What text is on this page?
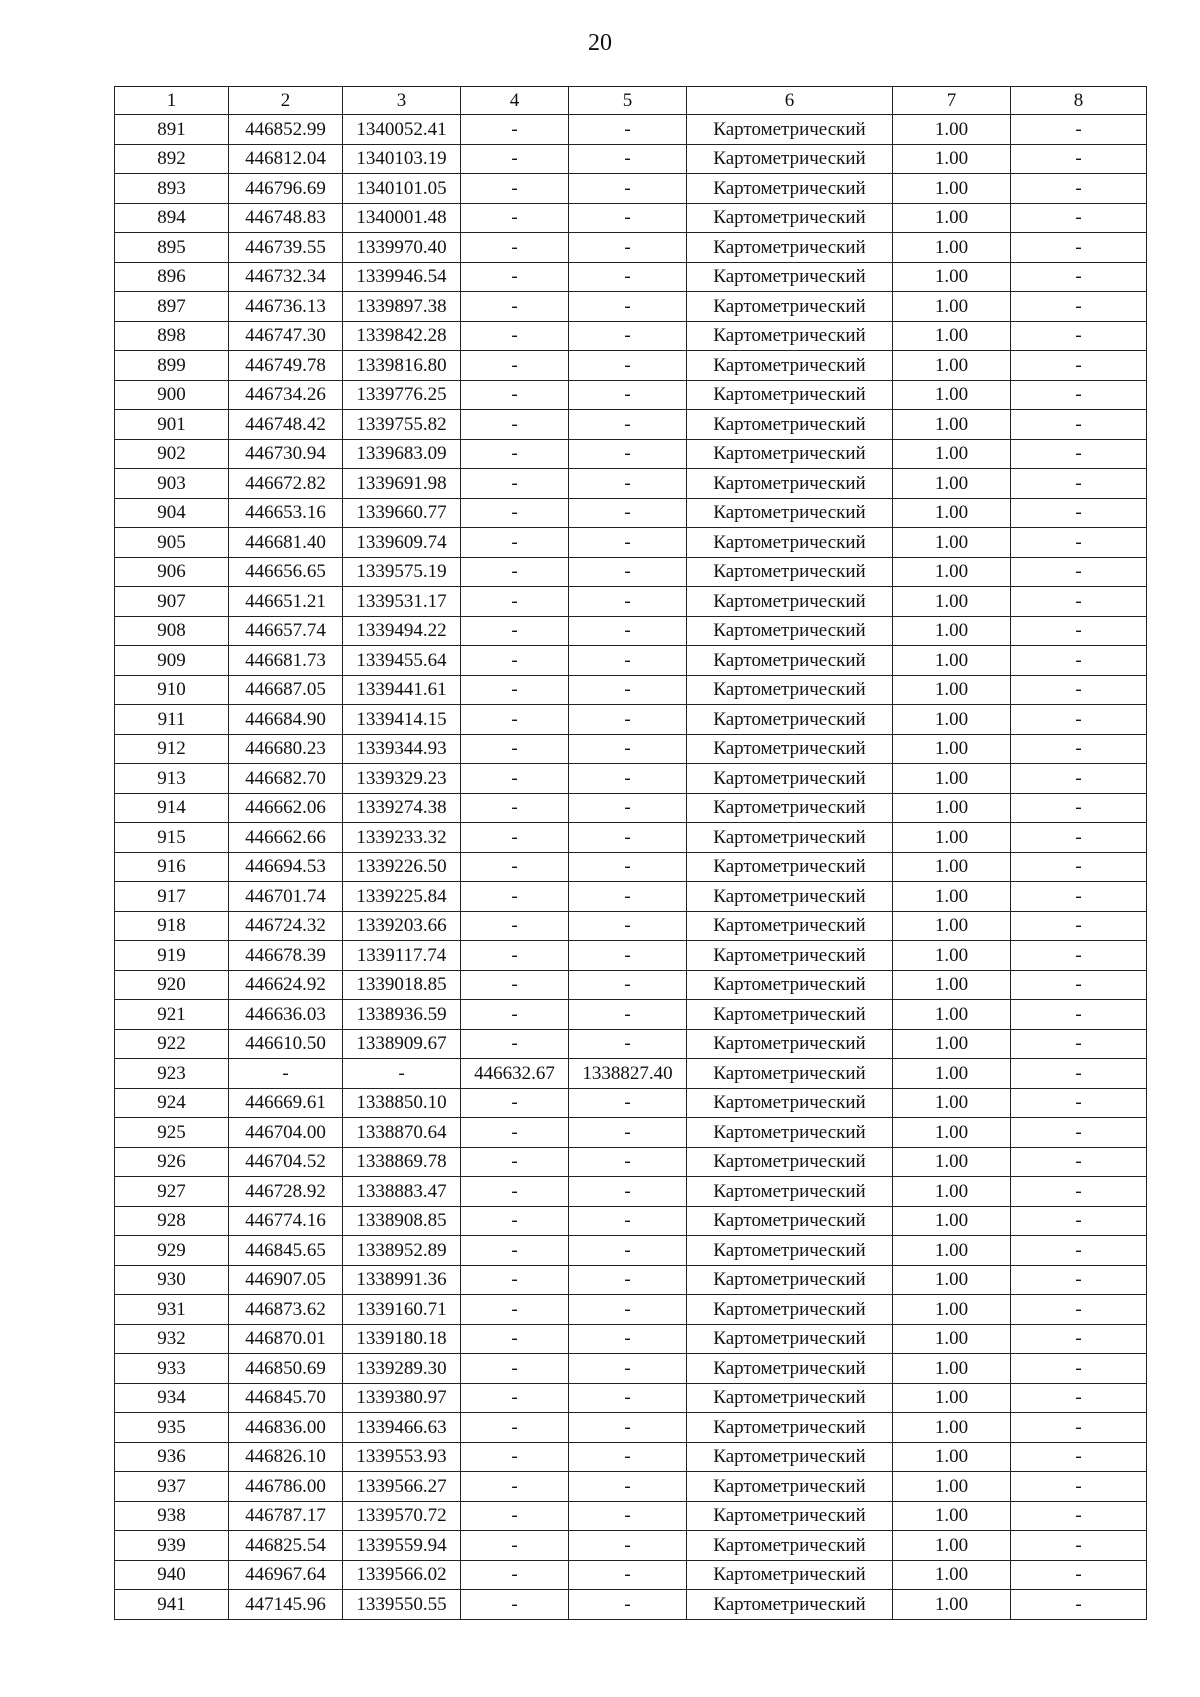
20
1	2	3	4	5	6	7	8
891	446852.99	1340052.41	-	-	Картометрический	1.00	-
892	446812.04	1340103.19	-	-	Картометрический	1.00	-
893	446796.69	1340101.05	-	-	Картометрический	1.00	-
894	446748.83	1340001.48	-	-	Картометрический	1.00	-
895	446739.55	1339970.40	-	-	Картометрический	1.00	-
896	446732.34	1339946.54	-	-	Картометрический	1.00	-
897	446736.13	1339897.38	-	-	Картометрический	1.00	-
898	446747.30	1339842.28	-	-	Картометрический	1.00	-
899	446749.78	1339816.80	-	-	Картометрический	1.00	-
900	446734.26	1339776.25	-	-	Картометрический	1.00	-
901	446748.42	1339755.82	-	-	Картометрический	1.00	-
902	446730.94	1339683.09	-	-	Картометрический	1.00	-
903	446672.82	1339691.98	-	-	Картометрический	1.00	-
904	446653.16	1339660.77	-	-	Картометрический	1.00	-
905	446681.40	1339609.74	-	-	Картометрический	1.00	-
906	446656.65	1339575.19	-	-	Картометрический	1.00	-
907	446651.21	1339531.17	-	-	Картометрический	1.00	-
908	446657.74	1339494.22	-	-	Картометрический	1.00	-
909	446681.73	1339455.64	-	-	Картометрический	1.00	-
910	446687.05	1339441.61	-	-	Картометрический	1.00	-
911	446684.90	1339414.15	-	-	Картометрический	1.00	-
912	446680.23	1339344.93	-	-	Картометрический	1.00	-
913	446682.70	1339329.23	-	-	Картометрический	1.00	-
914	446662.06	1339274.38	-	-	Картометрический	1.00	-
915	446662.66	1339233.32	-	-	Картометрический	1.00	-
916	446694.53	1339226.50	-	-	Картометрический	1.00	-
917	446701.74	1339225.84	-	-	Картометрический	1.00	-
918	446724.32	1339203.66	-	-	Картометрический	1.00	-
919	446678.39	1339117.74	-	-	Картометрический	1.00	-
920	446624.92	1339018.85	-	-	Картометрический	1.00	-
921	446636.03	1338936.59	-	-	Картометрический	1.00	-
922	446610.50	1338909.67	-	-	Картометрический	1.00	-
923	-	-	446632.67	1338827.40	Картометрический	1.00	-
924	446669.61	1338850.10	-	-	Картометрический	1.00	-
925	446704.00	1338870.64	-	-	Картометрический	1.00	-
926	446704.52	1338869.78	-	-	Картометрический	1.00	-
927	446728.92	1338883.47	-	-	Картометрический	1.00	-
928	446774.16	1338908.85	-	-	Картометрический	1.00	-
929	446845.65	1338952.89	-	-	Картометрический	1.00	-
930	446907.05	1338991.36	-	-	Картометрический	1.00	-
931	446873.62	1339160.71	-	-	Картометрический	1.00	-
932	446870.01	1339180.18	-	-	Картометрический	1.00	-
933	446850.69	1339289.30	-	-	Картометрический	1.00	-
934	446845.70	1339380.97	-	-	Картометрический	1.00	-
935	446836.00	1339466.63	-	-	Картометрический	1.00	-
936	446826.10	1339553.93	-	-	Картометрический	1.00	-
937	446786.00	1339566.27	-	-	Картометрический	1.00	-
938	446787.17	1339570.72	-	-	Картометрический	1.00	-
939	446825.54	1339559.94	-	-	Картометрический	1.00	-
940	446967.64	1339566.02	-	-	Картометрический	1.00	-
941	447145.96	1339550.55	-	-	Картометрический	1.00	-
